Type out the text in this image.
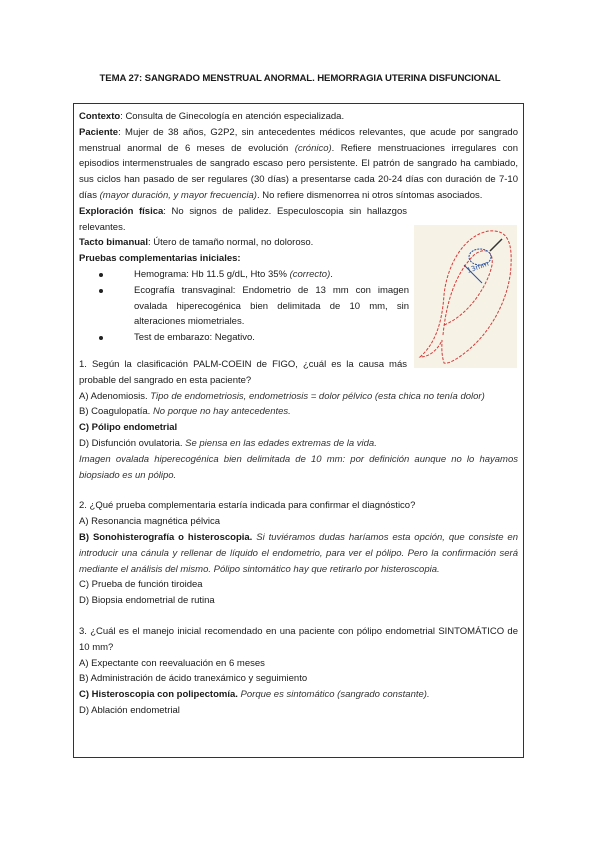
TEMA 27: SANGRADO MENSTRUAL ANORMAL. HEMORRAGIA UTERINA DISFUNCIONAL

Contexto: Consulta de Ginecología en atención especializada.

Paciente: Mujer de 38 años, G2P2, sin antecedentes médicos relevantes, que acude por sangrado menstrual anormal de 6 meses de evolución (crónico). Refiere menstruaciones irregulares con episodios intermenstruales de sangrado escaso pero persistente. El patrón de sangrado ha cambiado, sus ciclos han pasado de ser regulares (30 días) a presentarse cada 20-24 días con duración de 7-10 días (mayor duración, y mayor frecuencia). No refiere dismenorrea ni otros síntomas asociados.

Exploración física: No signos de palidez. Especuloscopia sin hallazgos relevantes.

Tacto bimanual: Útero de tamaño normal, no doloroso.

Pruebas complementarias iniciales:

Hemograma: Hb 11.5 g/dL, Hto 35% (correcto).
Ecografía transvaginal: Endometrio de 13 mm con imagen ovalada hiperecogénica bien delimitada de 10 mm, sin alteraciones miometriales.
Test de embarazo: Negativo.

1. Según la clasificación PALM-COEIN de FIGO, ¿cuál es la causa más probable del sangrado en esta paciente?

A) Adenomiosis. Tipo de endometriosis, endometriosis = dolor pélvico (esta chica no tenía dolor)

B) Coagulopatía. No porque no hay antecedentes.

C) Pólipo endometrial

D) Disfunción ovulatoria. Se piensa en las edades extremas de la vida.

Imagen ovalada hiperecogénica bien delimitada de 10 mm: por definición aunque no lo hayamos biopsiado es un pólipo.

2. ¿Qué prueba complementaria estaría indicada para confirmar el diagnóstico?

A) Resonancia magnética pélvica

B) Sonohisterografía o histeroscopia. Si tuviéramos dudas haríamos esta opción, que consiste en introducir una cánula y rellenar de líquido el endometrio, para ver el pólipo. Pero la confirmación será mediante el análisis del mismo. Pólipo sintomático hay que retirarlo por histeroscopia.

C) Prueba de función tiroidea

D) Biopsia endometrial de rutina

3. ¿Cuál es el manejo inicial recomendado en una paciente con pólipo endometrial SINTOMÁTICO de 10 mm?

A) Expectante con reevaluación en 6 meses

B) Administración de ácido tranexámico y seguimiento

C) Histeroscopia con polipectomía. Porque es sintomático (sangrado constante).

D) Ablación endometrial

13mm
